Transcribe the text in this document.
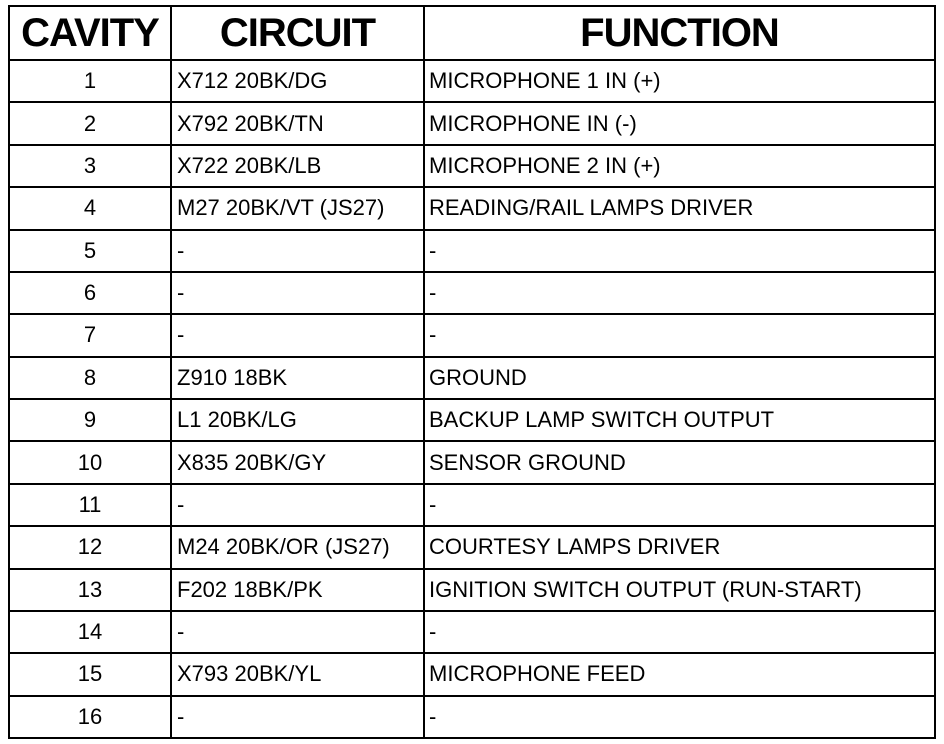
CAVITY	CIRCUIT	FUNCTION
1	X712 20BK/DG	MICROPHONE 1 IN (+)
2	X792 20BK/TN	MICROPHONE IN (-)
3	X722 20BK/LB	MICROPHONE 2 IN (+)
4	M27 20BK/VT (JS27)	READING/RAIL LAMPS DRIVER
5	-	-
6	-	-
7	-	-
8	Z910 18BK	GROUND
9	L1 20BK/LG	BACKUP LAMP SWITCH OUTPUT
10	X835 20BK/GY	SENSOR GROUND
11	-	-
12	M24 20BK/OR (JS27)	COURTESY LAMPS DRIVER
13	F202 18BK/PK	IGNITION SWITCH OUTPUT (RUN-START)
14	-	-
15	X793 20BK/YL	MICROPHONE FEED
16	-	-
